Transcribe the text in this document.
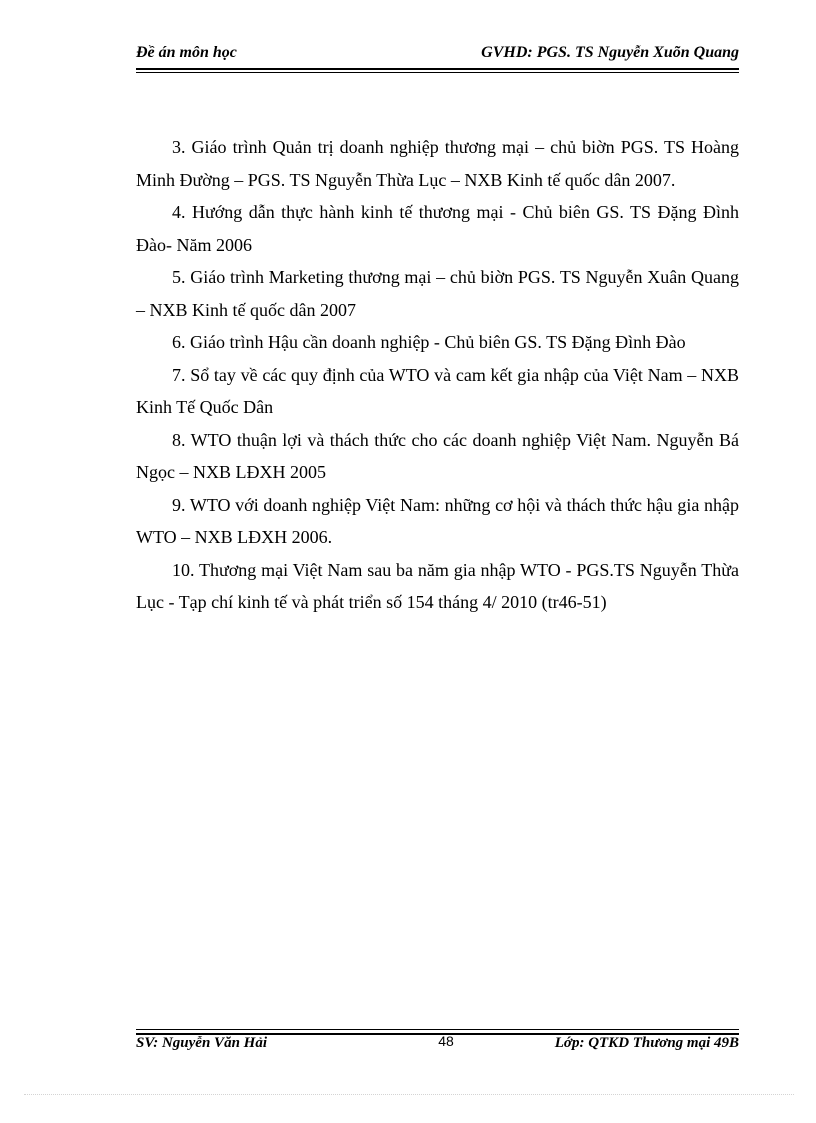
Đề án môn học	GVHD: PGS. TS Nguyễn Xuõn Quang
3. Giáo trình Quản trị doanh nghiệp thương mại – chủ biờn PGS. TS Hoàng Minh Đường – PGS. TS Nguyễn Thừa Lục – NXB Kinh tế quốc dân 2007.
4. Hướng dẫn thực hành kinh tế thương mại - Chủ biên GS. TS Đặng Đình Đào- Năm 2006
5. Giáo trình Marketing thương mại – chủ biờn PGS. TS Nguyễn Xuân Quang – NXB Kinh tế quốc dân 2007
6. Giáo trình Hậu cần doanh nghiệp - Chủ biên GS. TS Đặng Đình Đào
7. Sổ tay về các quy định của WTO và cam kết gia nhập của Việt Nam – NXB Kinh Tế Quốc Dân
8. WTO thuận lợi và thách thức cho các doanh nghiệp Việt Nam. Nguyễn Bá Ngọc – NXB LĐXH 2005
9. WTO với doanh nghiệp Việt Nam: những cơ hội và thách thức hậu gia nhập WTO – NXB LĐXH 2006.
10. Thương mại Việt Nam sau ba năm gia nhập WTO - PGS.TS Nguyễn Thừa Lục - Tạp chí kinh tế và phát triển số 154 tháng 4/ 2010 (tr46-51)
SV: Nguyễn Văn Hải	48	Lớp: QTKD Thương mại 49B
